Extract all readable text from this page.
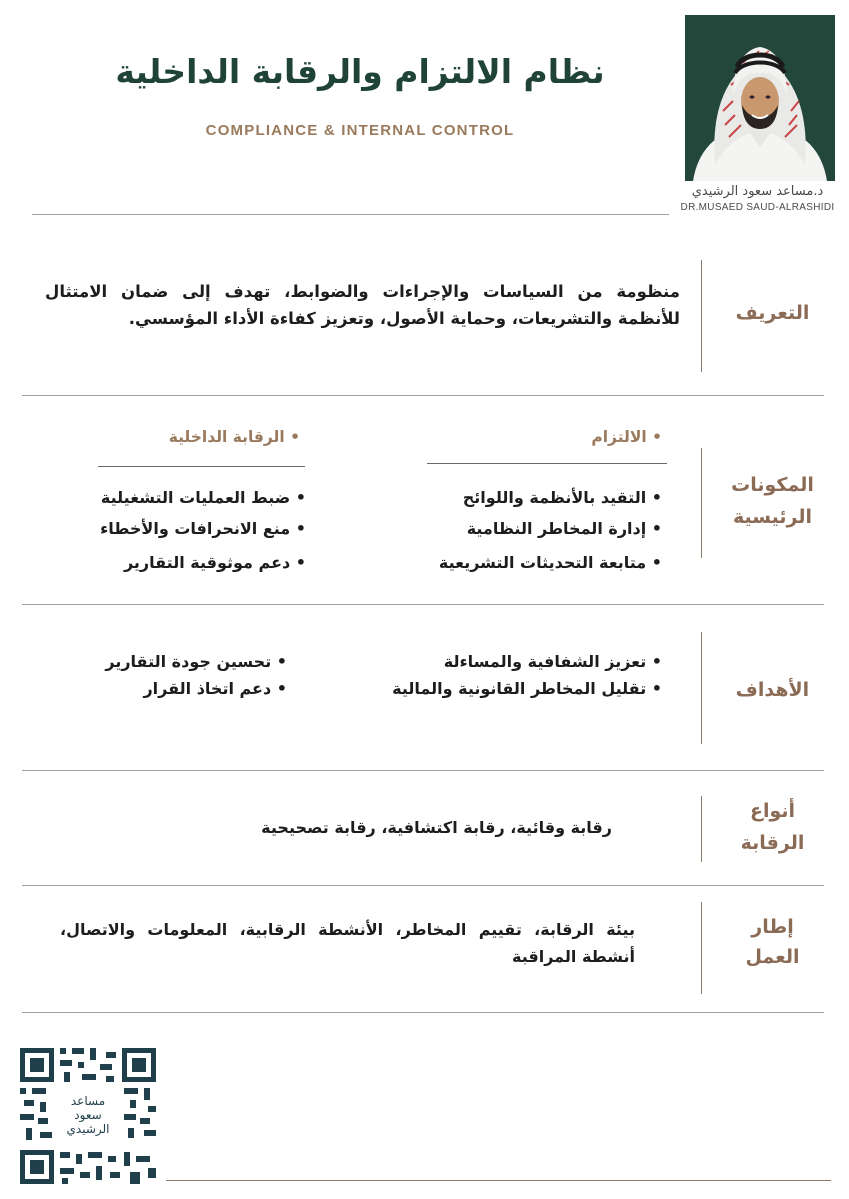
نظام الالتزام والرقابة الداخلية
COMPLIANCE & INTERNAL CONTROL
د.مساعد سعود الرشيدي
DR.MUSAED SAUD-ALRASHIDI
التعريف
منظومة من السياسات والإجراءات والضوابط، تهدف إلى ضمان الامتثال للأنظمة والتشريعات، وحماية الأصول، وتعزيز كفاءة الأداء المؤسسي.
المكونات
الرئيسية
• الالتزام
• التقيد بالأنظمة واللوائح
• إدارة المخاطر النظامية
• متابعة التحديثات التشريعية
• الرقابة الداخلية
• ضبط العمليات التشغيلية
• منع الانحرافات والأخطاء
• دعم موثوقية التقارير
الأهداف
• تعزيز الشفافية والمساءلة
• تقليل المخاطر القانونية والمالية
• تحسين جودة التقارير
• دعم اتخاذ القرار
أنواع
الرقابة
رقابة وقائية، رقابة اكتشافية، رقابة تصحيحية
إطار
العمل
بيئة الرقابة، تقييم المخاطر، الأنشطة الرقابية، المعلومات والاتصال، أنشطة المراقبة
مساعد
سعود
الرشيدي
